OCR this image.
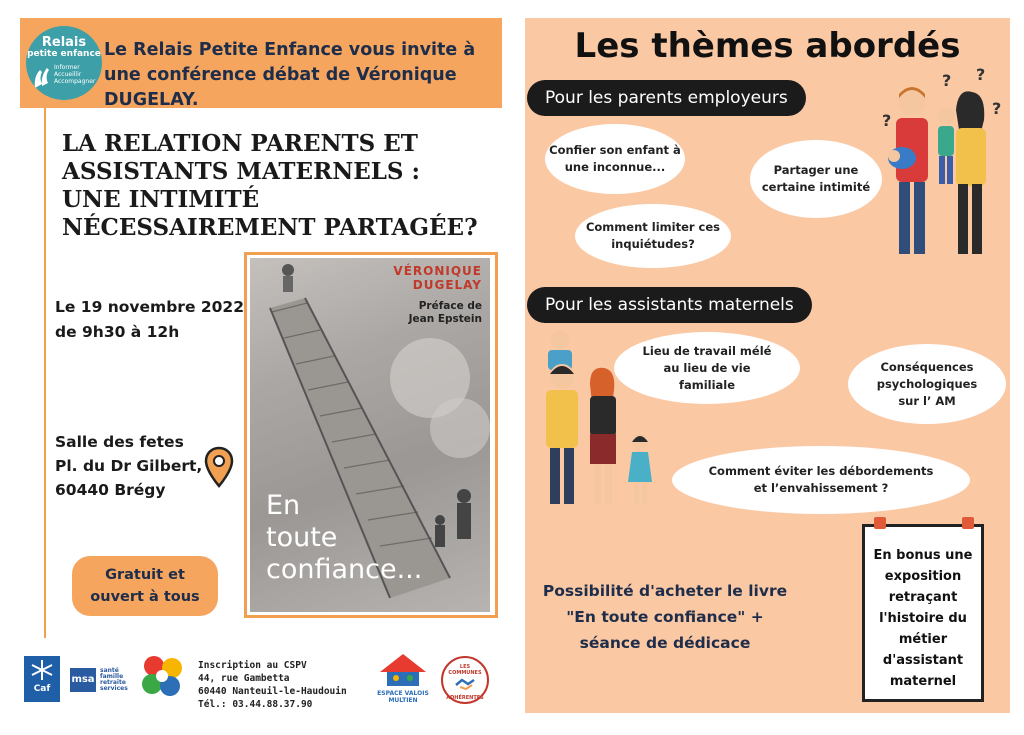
Relais
petite enfance
Informer
Accueillir
Accompagner
Le Relais Petite Enfance vous invite à une conférence débat de Véronique DUGELAY.
LA RELATION PARENTS ET
ASSISTANTS MATERNELS :
UNE INTIMITÉ
NÉCESSAIREMENT PARTAGÉE?
Le 19 novembre 2022
de 9h30 à 12h
Salle des fetes
Pl. du Dr Gilbert,
60440 Brégy
Gratuit et
ouvert à tous
VÉRONIQUE
DUGELAY
Préface de
Jean Epstein
En
toute
confiance...
Caf
msa
santé
famille
retraite
services
Inscription au CSPV
44, rue Gambetta
60440 Nanteuil-le-Haudouin
Tél.: 03.44.88.37.90
ESPACE VALOIS
MULTIEN
LES COMMUNES
ADHÉRENTES
Les thèmes abordés
Pour les parents employeurs
Pour les assistants maternels
Confier son enfant à
une inconnue...	Partager une
certaine intimité
Comment limiter ces
inquiétudes?
Lieu de travail mélé
au lieu de vie
familiale
Conséquences
psychologiques
sur l’ AM
Comment éviter les débordements
et l’envahissement ?
? ?
?
?
Possibilité d'acheter le livre
"En toute confiance" +
séance de dédicace
En bonus une
exposition
retraçant
l'histoire du
métier
d'assistant
maternel
